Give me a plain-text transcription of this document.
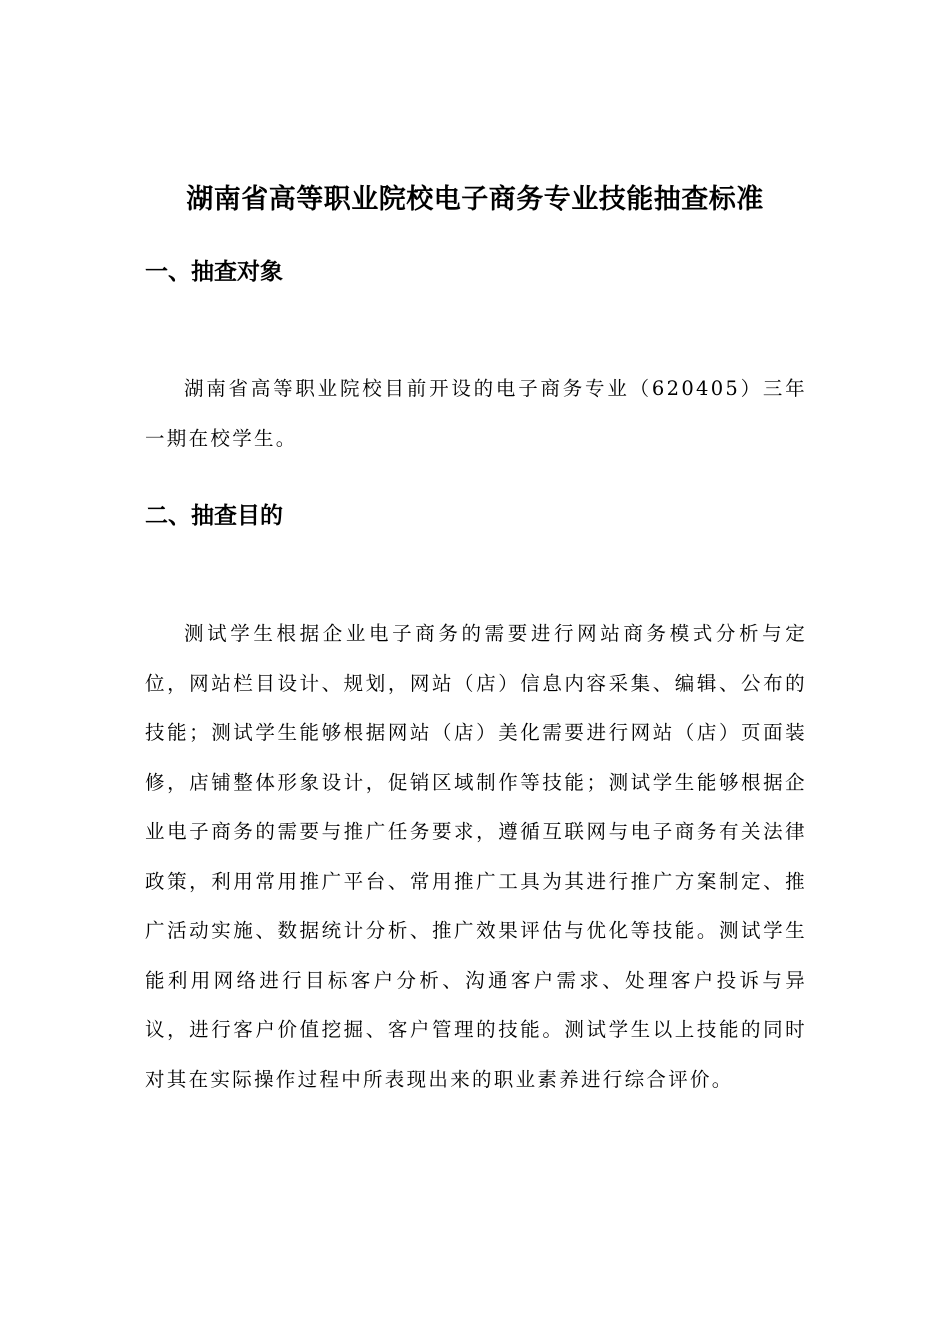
湖南省高等职业院校电子商务专业技能抽查标准
一、抽查对象

湖南省高等职业院校目前开设的电子商务专业（620405）三年一期在校学生。

二、抽查目的

测试学生根据企业电子商务的需要进行网站商务模式分析与定位，网站栏目设计、规划，网站（店）信息内容采集、编辑、公布的技能；测试学生能够根据网站（店）美化需要进行网站（店）页面装修，店铺整体形象设计，促销区域制作等技能；测试学生能够根据企业电子商务的需要与推广任务要求，遵循互联网与电子商务有关法律政策，利用常用推广平台、常用推广工具为其进行推广方案制定、推广活动实施、数据统计分析、推广效果评估与优化等技能。测试学生能利用网络进行目标客户分析、沟通客户需求、处理客户投诉与异议，进行客户价值挖掘、客户管理的技能。测试学生以上技能的同时对其在实际操作过程中所表现出来的职业素养进行综合评价。
